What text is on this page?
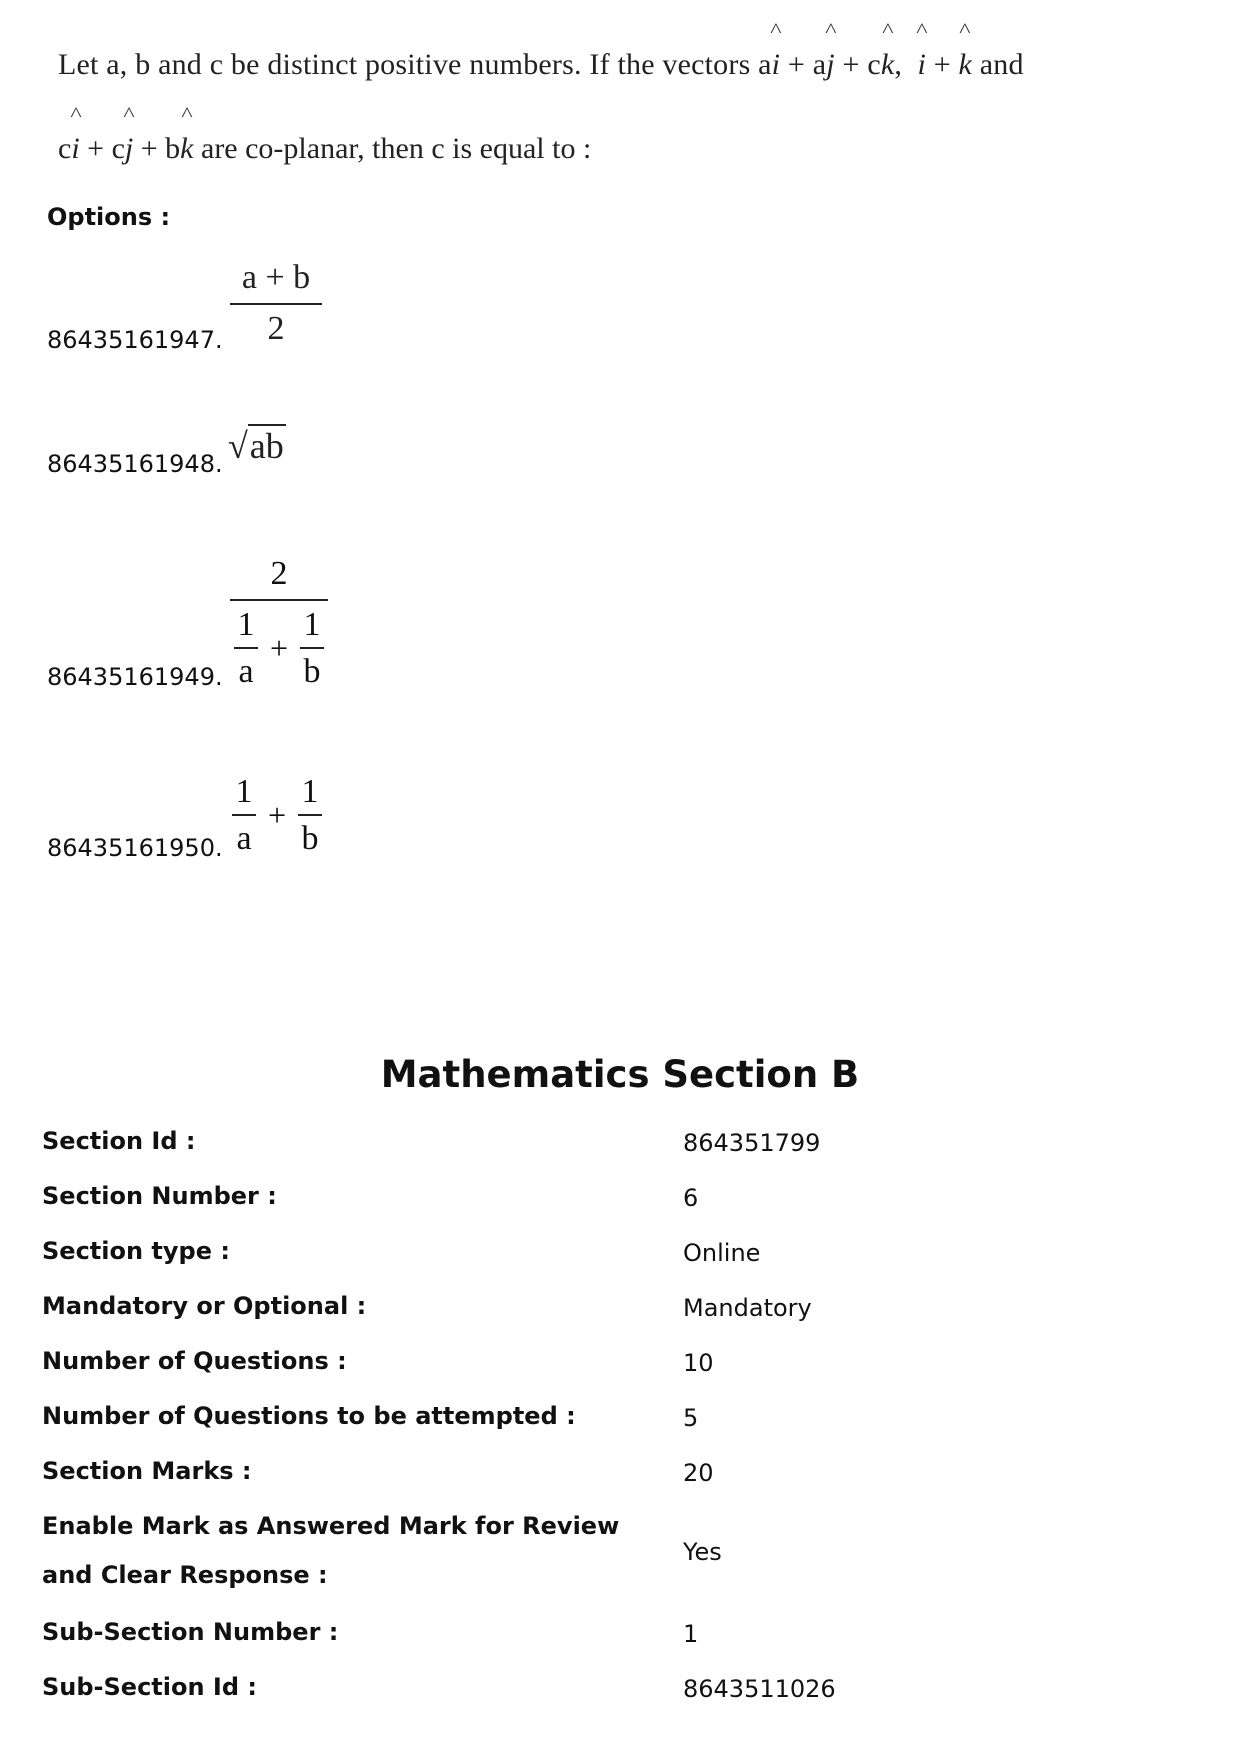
Let a, b and c be distinct positive numbers. If the vectors a^ i + a^ j + c^ k,  ^ i + ^ k and
c^ i + c^ j + b^ k are co-planar, then c is equal to :
Options :
86435161947.
a + b
2
86435161948. √ab
86435161949.
2
$\frac{1}{a} + \frac{1}{b}$
86435161950. $\frac{1}{a} + \frac{1}{b}$
Mathematics Section B
Section Id :	864351799
Section Number :	6
Section type :	Online
Mandatory or Optional :	Mandatory
Number of Questions :	10
Number of Questions to be attempted :	5
Section Marks :	20
Enable Mark as Answered Mark for Review and Clear Response :
Yes
Sub-Section Number :	1
Sub-Section Id :	8643511026
